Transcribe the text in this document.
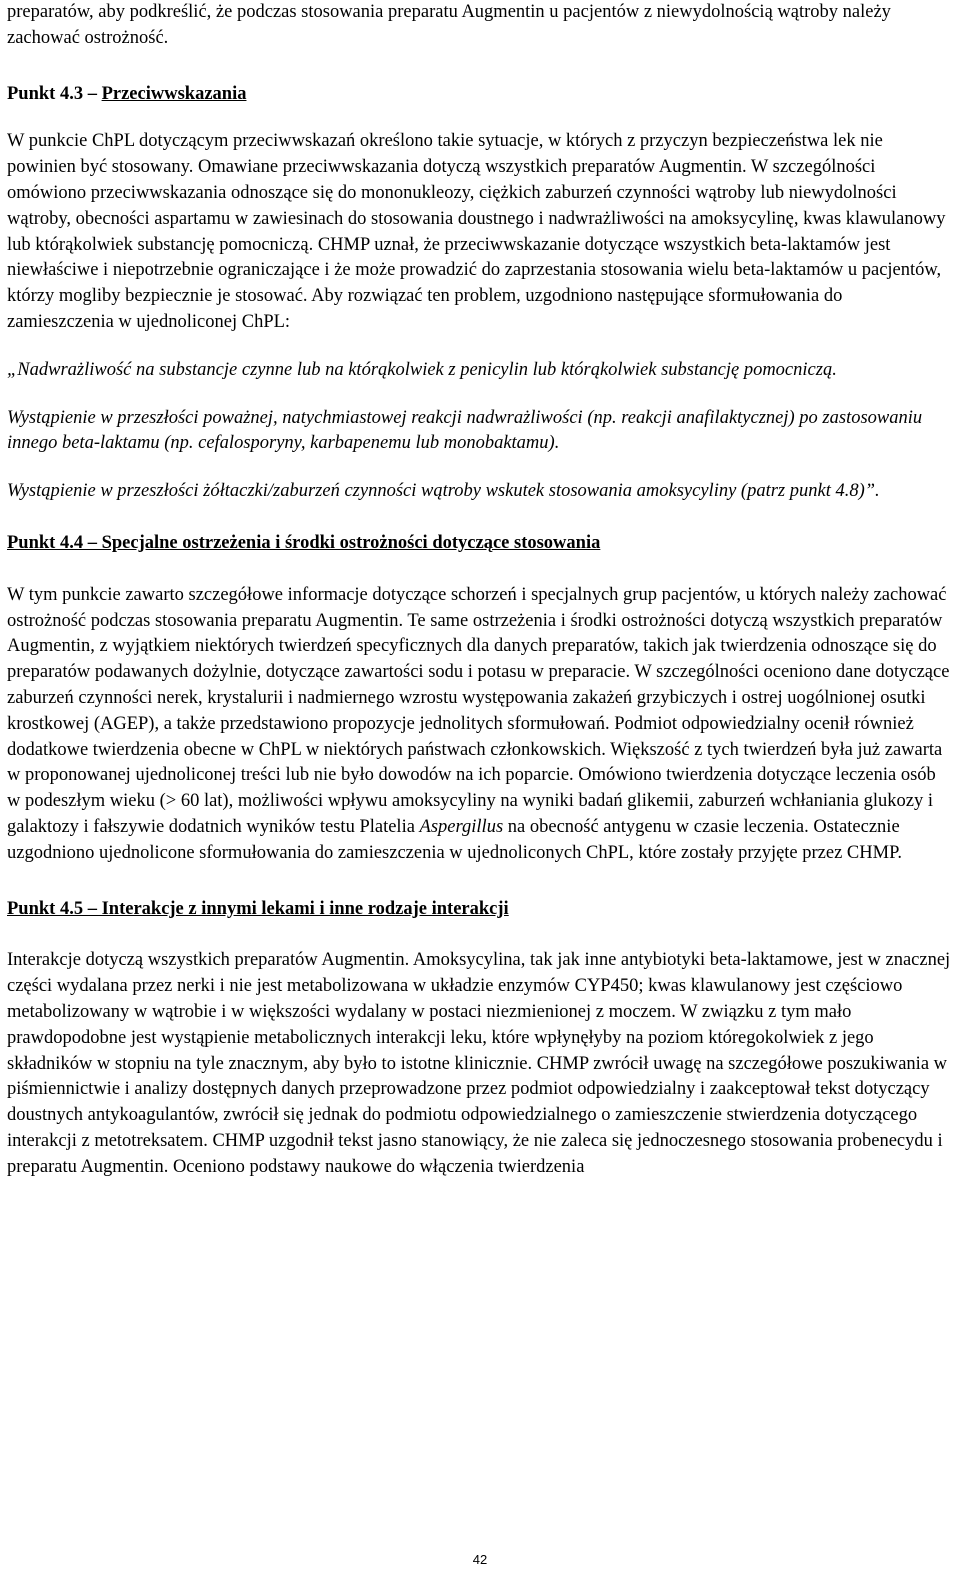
preparatów, aby podkreślić, że podczas stosowania preparatu Augmentin u pacjentów z niewydolnością wątroby należy zachować ostrożność.

Punkt 4.3 – Przeciwwskazania

W punkcie ChPL dotyczącym przeciwwskazań określono takie sytuacje, w których z przyczyn bezpieczeństwa lek nie powinien być stosowany. Omawiane przeciwwskazania dotyczą wszystkich preparatów Augmentin. W szczególności omówiono przeciwwskazania odnoszące się do mononukleozy, ciężkich zaburzeń czynności wątroby lub niewydolności wątroby, obecności aspartamu w zawiesinach do stosowania doustnego i nadwrażliwości na amoksycylinę, kwas klawulanowy lub którąkolwiek substancję pomocniczą. CHMP uznał, że przeciwwskazanie dotyczące wszystkich beta-laktamów jest niewłaściwe i niepotrzebnie ograniczające i że może prowadzić do zaprzestania stosowania wielu beta-laktamów u pacjentów, którzy mogliby bezpiecznie je stosować. Aby rozwiązać ten problem, uzgodniono następujące sformułowania do zamieszczenia w ujednoliconej ChPL:

„Nadwrażliwość na substancje czynne lub na którąkolwiek z penicylin lub którąkolwiek substancję pomocniczą.

Wystąpienie w przeszłości poważnej, natychmiastowej reakcji nadwrażliwości (np. reakcji anafilaktycznej) po zastosowaniu innego beta-laktamu (np. cefalosporyny, karbapenemu lub monobaktamu).

Wystąpienie w przeszłości żółtaczki/zaburzeń czynności wątroby wskutek stosowania amoksycyliny (patrz punkt 4.8)”.

Punkt 4.4 – Specjalne ostrzeżenia i środki ostrożności dotyczące stosowania

W tym punkcie zawarto szczegółowe informacje dotyczące schorzeń i specjalnych grup pacjentów, u których należy zachować ostrożność podczas stosowania preparatu Augmentin. Te same ostrzeżenia i środki ostrożności dotyczą wszystkich preparatów Augmentin, z wyjątkiem niektórych twierdzeń specyficznych dla danych preparatów, takich jak twierdzenia odnoszące się do preparatów podawanych dożylnie, dotyczące zawartości sodu i potasu w preparacie. W szczególności oceniono dane dotyczące zaburzeń czynności nerek, krystalurii i nadmiernego wzrostu występowania zakażeń grzybiczych i ostrej uogólnionej osutki krostkowej (AGEP), a także przedstawiono propozycje jednolitych sformułowań. Podmiot odpowiedzialny ocenił również dodatkowe twierdzenia obecne w ChPL w niektórych państwach członkowskich. Większość z tych twierdzeń była już zawarta w proponowanej ujednoliconej treści lub nie było dowodów na ich poparcie. Omówiono twierdzenia dotyczące leczenia osób w podeszłym wieku (> 60 lat), możliwości wpływu amoksycyliny na wyniki badań glikemii, zaburzeń wchłaniania glukozy i galaktozy i fałszywie dodatnich wyników testu Platelia Aspergillus na obecność antygenu w czasie leczenia. Ostatecznie uzgodniono ujednolicone sformułowania do zamieszczenia w ujednoliconych ChPL, które zostały przyjęte przez CHMP.

Punkt 4.5 – Interakcje z innymi lekami i inne rodzaje interakcji

Interakcje dotyczą wszystkich preparatów Augmentin. Amoksycylina, tak jak inne antybiotyki beta-laktamowe, jest w znacznej części wydalana przez nerki i nie jest metabolizowana w układzie enzymów CYP450; kwas klawulanowy jest częściowo metabolizowany w wątrobie i w większości wydalany w postaci niezmienionej z moczem. W związku z tym mało prawdopodobne jest wystąpienie metabolicznych interakcji leku, które wpłynęłyby na poziom któregokolwiek z jego składników w stopniu na tyle znacznym, aby było to istotne klinicznie. CHMP zwrócił uwagę na szczegółowe poszukiwania w piśmiennictwie i analizy dostępnych danych przeprowadzone przez podmiot odpowiedzialny i zaakceptował tekst dotyczący doustnych antykoagulantów, zwrócił się jednak do podmiotu odpowiedzialnego o zamieszczenie stwierdzenia dotyczącego interakcji z metotreksatem. CHMP uzgodnił tekst jasno stanowiący, że nie zaleca się jednoczesnego stosowania probenecydu i preparatu Augmentin. Oceniono podstawy naukowe do włączenia twierdzenia

42
